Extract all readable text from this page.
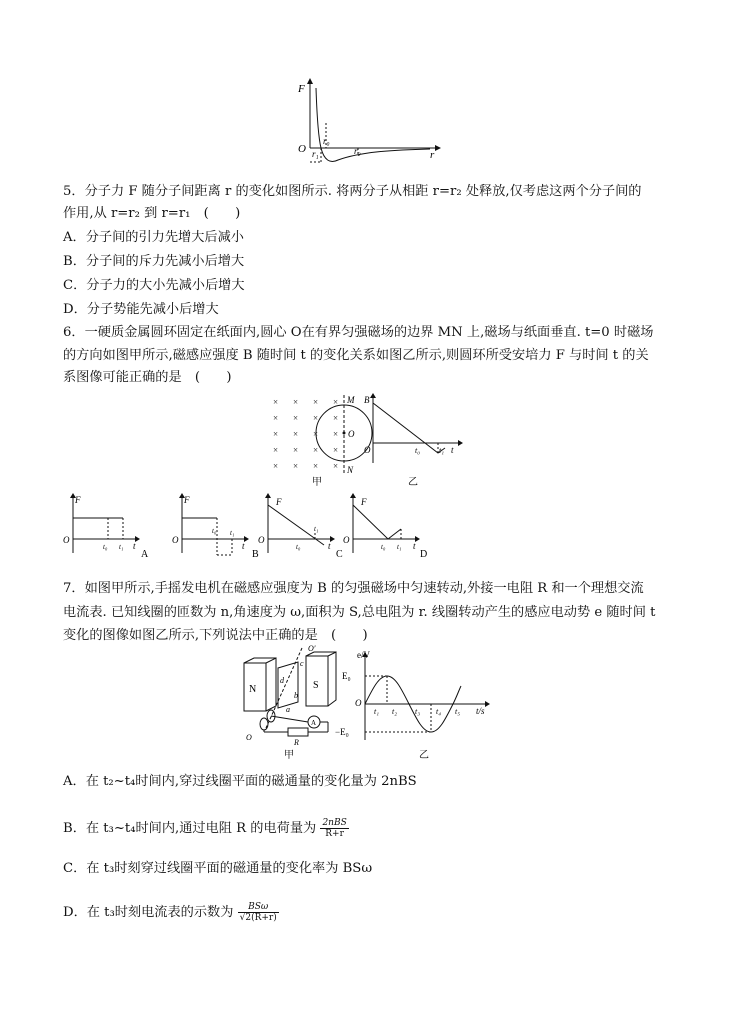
F
O	r
r₀
r₁	r₂
5．分子力 F 随分子间距离 r 的变化如图所示. 将两分子从相距 r=r₂ 处释放,仅考虑这两个分子间的
作用,从 r=r₂ 到 r=r₁　(　　)
A．分子间的引力先增大后减小
B．分子间的斥力先减小后增大
C．分子力的大小先减小后增大
D．分子势能先减小后增大
6．一硬质金属圆环固定在纸面内,圆心 O在有界匀强磁场的边界 MN 上,磁场与纸面垂直. t=0 时磁场
的方向如图甲所示,磁感应强度 B 随时间 t 的变化关系如图乙所示,则圆环所受安培力 F 与时间 t 的关
系图像可能正确的是　(　　)
× × × ×
× × × ×
× × × ×
× × × ×
× × × ×
M
N
O
甲
B
O	t₀ t₁ t
乙
F
O
t₀ t₁ t
A
F
O
t₀ t₁
t
B
F
O
t₀
t₁
t
C
F
O
t₀ t₁ t
D
7．如图甲所示,手摇发电机在磁感应强度为 B 的匀强磁场中匀速转动,外接一电阻 R 和一个理想交流
电流表. 已知线圈的匝数为 n,角速度为 ω,面积为 S,总电阻为 r. 线圈转动产生的感应电动势 e 随时间 t
变化的图像如图乙所示,下列说法中正确的是　(　　)
N	S
a
b
c
d
O′
O
A
R
甲
e/V
E₀
−E₀
O
t₁ t₂ t₃ t₄ t₅ t/s
乙
A．在 t₂~t₄时间内,穿过线圈平面的磁通量的变化量为 2nBS
B．在 t₃~t₄时间内,通过电阻 R 的电荷量为 $\frac{\text{2nBS}}{R+r}$
C．在 t₃时刻穿过线圈平面的磁通量的变化率为 BSω
D．在 t₃时刻电流表的示数为 $\frac{\text{BSω}}{√2(R+r)}$
